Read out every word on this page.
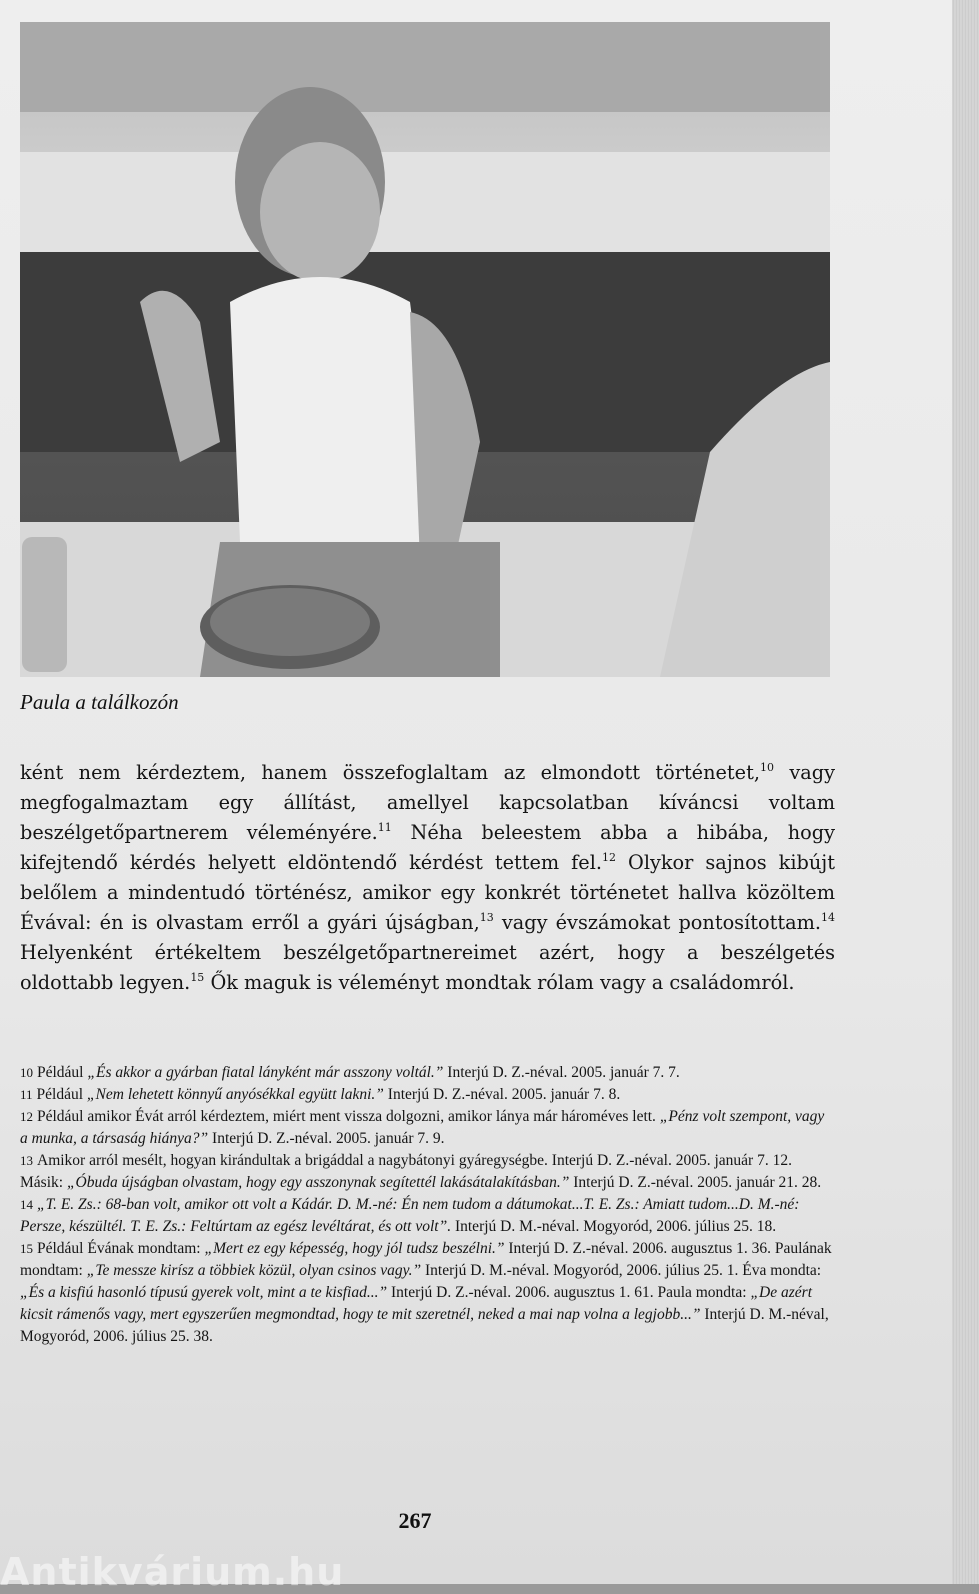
Paula a találkozón
ként nem kérdeztem, hanem összefoglaltam az elmondott történetet,$^{10}$ vagy megfogalmaztam egy állítást, amellyel kapcsolatban kíváncsi voltam beszélgetőpartnerem véleményére.$^{11}$ Néha beleestem abba a hibába, hogy kifejtendő kérdés helyett eldöntendő kérdést tettem fel.$^{12}$ Olykor sajnos kibújt belőlem a mindentudó történész, amikor egy konkrét történetet hallva közöltem Évával: én is olvastam erről a gyári újságban,$^{13}$ vagy évszámokat pontosítottam.$^{14}$ Helyenként értékeltem beszélgetőpartnereimet azért, hogy a beszélgetés oldottabb legyen.$^{15}$ Ők maguk is véleményt mondtak rólam vagy a családomról.
10 Például „És akkor a gyárban fiatal lányként már asszony voltál.” Interjú D. Z.-néval. 2005. január 7. 7.
11 Például „Nem lehetett könnyű anyósékkal együtt lakni.” Interjú D. Z.-néval. 2005. január 7. 8.
12 Például amikor Évát arról kérdeztem, miért ment vissza dolgozni, amikor lánya már hároméves lett. „Pénz volt szempont, vagy a munka, a társaság hiánya?” Interjú D. Z.-néval. 2005. január 7. 9.
13 Amikor arról mesélt, hogyan kirándultak a brigáddal a nagybátonyi gyáregységbe. Interjú D. Z.-néval. 2005. január 7. 12. Másik: „Óbuda újságban olvastam, hogy egy asszonynak segítettél lakásátalakításban.” Interjú D. Z.-néval. 2005. január 21. 28.
14 „T. E. Zs.: 68-ban volt, amikor ott volt a Kádár. D. M.-né: Én nem tudom a dátumokat...T. E. Zs.: Amiatt tudom...D. M.-né: Persze, készültél. T. E. Zs.: Feltúrtam az egész levéltárat, és ott volt”. Interjú D. M.-néval. Mogyoród, 2006. július 25. 18.
15 Például Évának mondtam: „Mert ez egy képesség, hogy jól tudsz beszélni.” Interjú D. Z.-néval. 2006. augusztus 1. 36. Paulának mondtam: „Te messze kirísz a többiek közül, olyan csinos vagy.” Interjú D. M.-néval. Mogyoród, 2006. július 25. 1. Éva mondta: „És a kisfiú hasonló típusú gyerek volt, mint a te kisfiad...” Interjú D. Z.-néval. 2006. augusztus 1. 61. Paula mondta: „De azért kicsit rámenős vagy, mert egyszerűen megmondtad, hogy te mit szeretnél, neked a mai nap volna a legjobb...” Interjú D. M.-néval, Mogyoród, 2006. július 25. 38.
267
Antikvárium.hu
